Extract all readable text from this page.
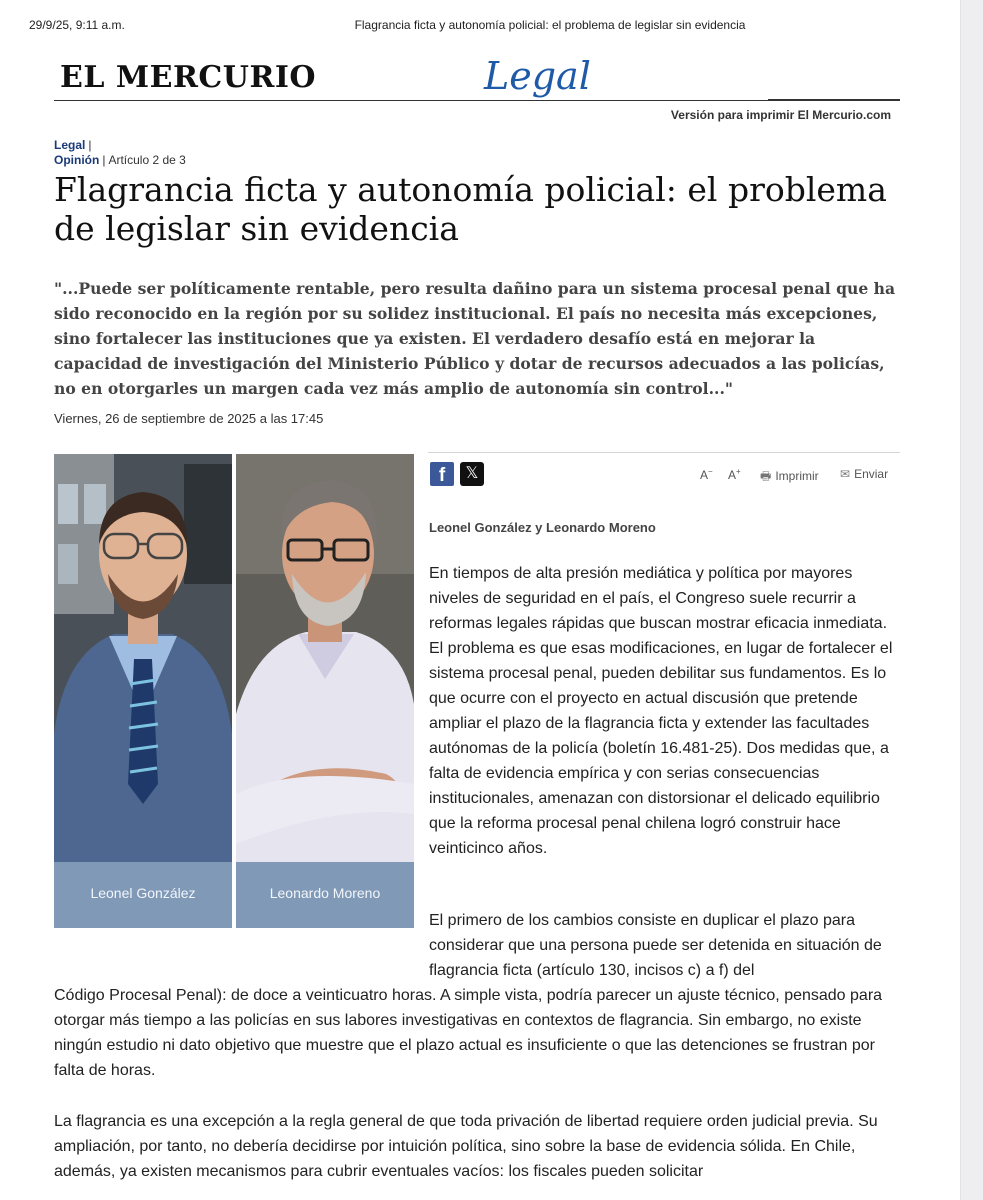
29/9/25, 9:11 a.m.	Flagrancia ficta y autonomía policial: el problema de legislar sin evidencia
EL MERCURIO	Legal
Versión para imprimir El Mercurio.com
Legal |
Opinión | Artículo 2 de 3
Flagrancia ficta y autonomía policial: el problema de legislar sin evidencia

"...Puede ser políticamente rentable, pero resulta dañino para un sistema procesal penal que ha sido reconocido en la región por su solidez institucional. El país no necesita más excepciones, sino fortalecer las instituciones que ya existen. El verdadero desafío está en mejorar la capacidad de investigación del Ministerio Público y dotar de recursos adecuados a las policías, no en otorgarles un margen cada vez más amplio de autonomía sin control..."

Viernes, 26 de septiembre de 2025 a las 17:45
Leonel González	Leonardo Moreno
f	𝕏	A− A+ 🖶 Imprimir ✉ Enviar
Leonel González y Leonardo Moreno

En tiempos de alta presión mediática y política por mayores niveles de seguridad en el país, el Congreso suele recurrir a reformas legales rápidas que buscan mostrar eficacia inmediata. El problema es que esas modificaciones, en lugar de fortalecer el sistema procesal penal, pueden debilitar sus fundamentos. Es lo que ocurre con el proyecto en actual discusión que pretende ampliar el plazo de la flagrancia ficta y extender las facultades autónomas de la policía (boletín 16.481-25). Dos medidas que, a falta de evidencia empírica y con serias consecuencias institucionales, amenazan con distorsionar el delicado equilibrio que la reforma procesal penal chilena logró construir hace veinticinco años.

El primero de los cambios consiste en duplicar el plazo para considerar que una persona puede ser detenida en situación de flagrancia ficta (artículo 130, incisos c) a f) del

Código Procesal Penal): de doce a veinticuatro horas. A simple vista, podría parecer un ajuste técnico, pensado para otorgar más tiempo a las policías en sus labores investigativas en contextos de flagrancia. Sin embargo, no existe ningún estudio ni dato objetivo que muestre que el plazo actual es insuficiente o que las detenciones se frustran por falta de horas.

La flagrancia es una excepción a la regla general de que toda privación de libertad requiere orden judicial previa. Su ampliación, por tanto, no debería decidirse por intuición política, sino sobre la base de evidencia sólida. En Chile, además, ya existen mecanismos para cubrir eventuales vacíos: los fiscales pueden solicitar
